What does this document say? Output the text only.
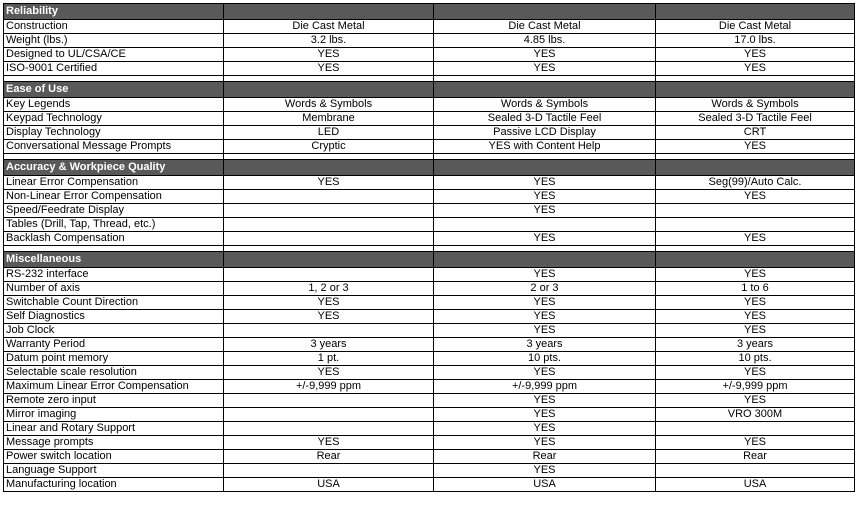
Reliability			
Construction	Die Cast Metal	Die Cast Metal	Die Cast Metal
Weight (lbs.)	3.2 lbs.	4.85 lbs.	17.0 lbs.
Designed to UL/CSA/CE	YES	YES	YES
ISO-9001 Certified	YES	YES	YES

Ease of Use			
Key Legends	Words & Symbols	Words & Symbols	Words & Symbols
Keypad Technology	Membrane	Sealed 3-D Tactile Feel	Sealed 3-D Tactile Feel
Display Technology	LED	Passive LCD Display	CRT
Conversational Message Prompts	Cryptic	YES with Content Help	YES

Accuracy & Workpiece Quality			
Linear Error Compensation	YES	YES	Seg(99)/Auto Calc.
Non-Linear Error Compensation		YES	YES
Speed/Feedrate Display		YES	
Tables (Drill, Tap, Thread, etc.)			
Backlash Compensation		YES	YES

Miscellaneous			
RS-232 interface		YES	YES
Number of axis	1, 2 or 3	2 or 3	1 to 6
Switchable Count Direction	YES	YES	YES
Self Diagnostics	YES	YES	YES
Job Clock		YES	YES
Warranty Period	3 years	3 years	3 years
Datum point memory	1 pt.	10 pts.	10 pts.
Selectable scale resolution	YES	YES	YES
Maximum Linear Error Compensation	+/-9,999 ppm	+/-9,999 ppm	+/-9,999 ppm
Remote zero input		YES	YES
Mirror imaging		YES	VRO 300M
Linear and Rotary Support		YES	
Message prompts	YES	YES	YES
Power switch location	Rear	Rear	Rear
Language Support		YES	
Manufacturing location	USA	USA	USA
